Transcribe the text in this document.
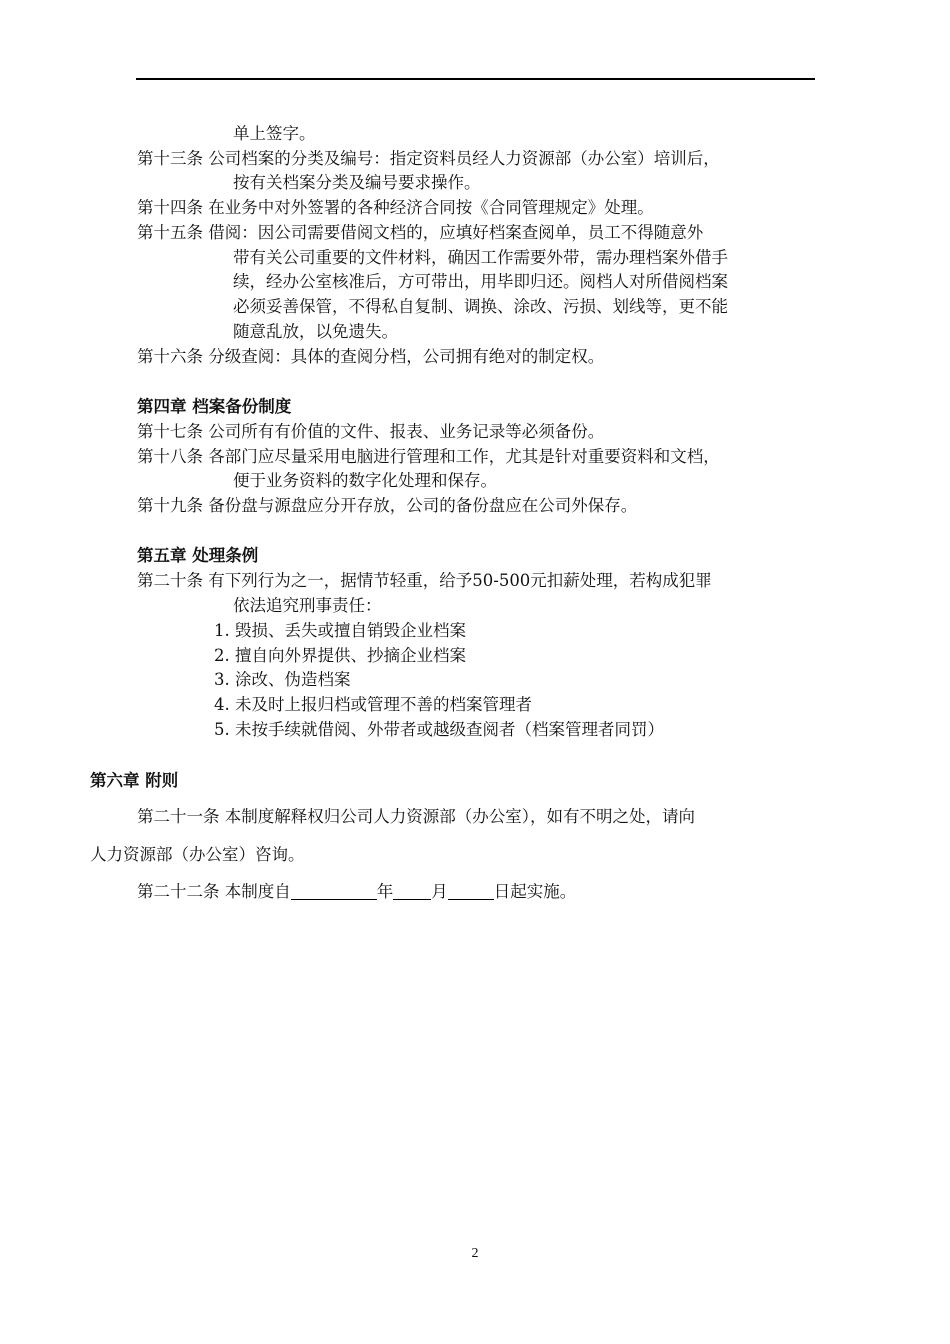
单上签字。
第十三条 公司档案的分类及编号：指定资料员经人力资源部（办公室）培训后，
按有关档案分类及编号要求操作。
第十四条 在业务中对外签署的各种经济合同按《合同管理规定》处理。
第十五条 借阅：因公司需要借阅文档的，应填好档案查阅单，员工不得随意外
带有关公司重要的文件材料，确因工作需要外带，需办理档案外借手
续，经办公室核准后，方可带出，用毕即归还。阅档人对所借阅档案
必须妥善保管，不得私自复制、调换、涂改、污损、划线等，更不能
随意乱放，以免遗失。
第十六条 分级查阅：具体的查阅分档，公司拥有绝对的制定权。
第四章 档案备份制度
第十七条 公司所有有价值的文件、报表、业务记录等必须备份。
第十八条 各部门应尽量采用电脑进行管理和工作，尤其是针对重要资料和文档，
便于业务资料的数字化处理和保存。
第十九条 备份盘与源盘应分开存放，公司的备份盘应在公司外保存。
第五章 处理条例
第二十条 有下列行为之一，据情节轻重，给予50-500元扣薪处理，若构成犯罪
依法追究刑事责任：
1. 毁损、丢失或擅自销毁企业档案
2. 擅自向外界提供、抄摘企业档案
3. 涂改、伪造档案
4. 未及时上报归档或管理不善的档案管理者
5. 未按手续就借阅、外带者或越级查阅者（档案管理者同罚）
第六章 附则
第二十一条 本制度解释权归公司人力资源部（办公室），如有不明之处，请向
人力资源部（办公室）咨询。
第二十二条 本制度自	年 月	日起实施。
2
